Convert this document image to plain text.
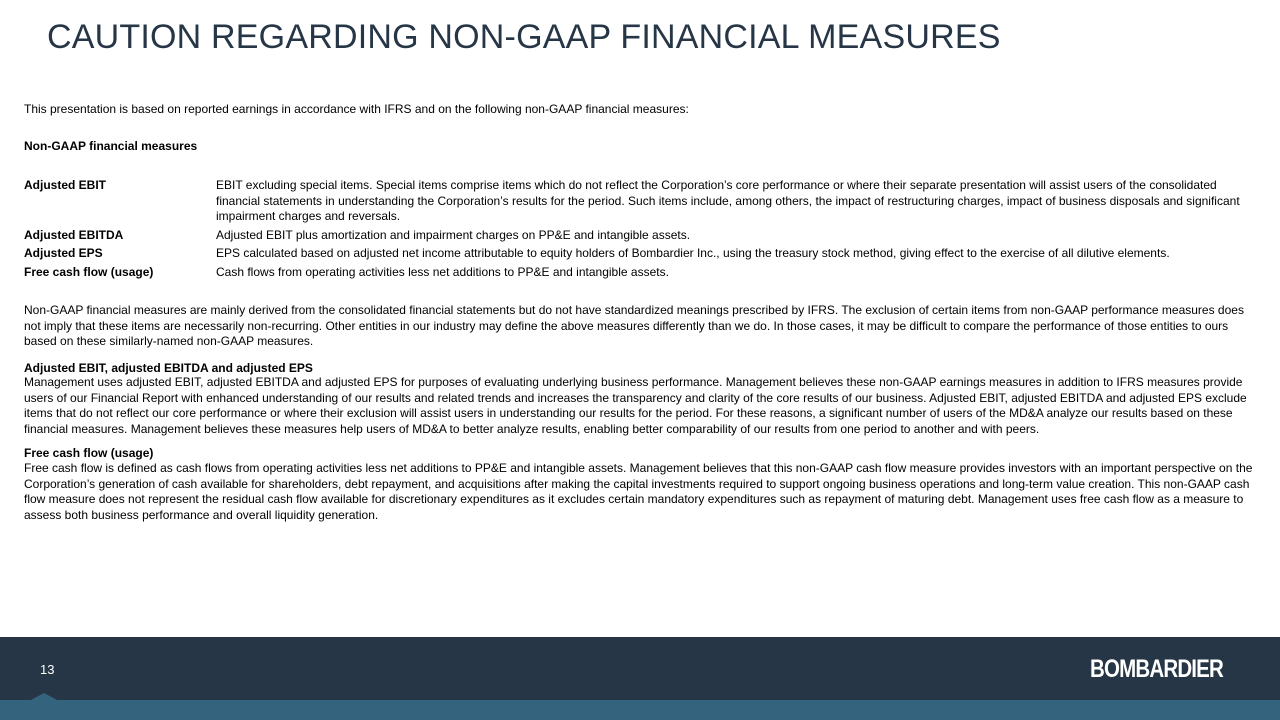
CAUTION REGARDING NON-GAAP FINANCIAL MEASURES
This presentation is based on reported earnings in accordance with IFRS and on the following non-GAAP financial measures:
Non-GAAP financial measures
Adjusted EBIT	EBIT excluding special items. Special items comprise items which do not reflect the Corporation’s core performance or where their separate presentation will assist users of the consolidated
financial statements in understanding the Corporation’s results for the period. Such items include, among others, the impact of restructuring charges, impact of business disposals and significant
impairment charges and reversals.
Adjusted EBITDA	Adjusted EBIT plus amortization and impairment charges on PP&E and intangible assets.
Adjusted EPS	EPS calculated based on adjusted net income attributable to equity holders of Bombardier Inc., using the treasury stock method, giving effect to the exercise of all dilutive elements.
Free cash flow (usage)	Cash flows from operating activities less net additions to PP&E and intangible assets.
Non-GAAP financial measures are mainly derived from the consolidated financial statements but do not have standardized meanings prescribed by IFRS. The exclusion of certain items from non-GAAP performance measures does
not imply that these items are necessarily non-recurring. Other entities in our industry may define the above measures differently than we do. In those cases, it may be difficult to compare the performance of those entities to ours
based on these similarly-named non-GAAP measures.
Adjusted EBIT, adjusted EBITDA and adjusted EPS
Management uses adjusted EBIT, adjusted EBITDA and adjusted EPS for purposes of evaluating underlying business performance. Management believes these non-GAAP earnings measures in addition to IFRS measures provide
users of our Financial Report with enhanced understanding of our results and related trends and increases the transparency and clarity of the core results of our business. Adjusted EBIT, adjusted EBITDA and adjusted EPS exclude
items that do not reflect our core performance or where their exclusion will assist users in understanding our results for the period. For these reasons, a significant number of users of the MD&A analyze our results based on these
financial measures. Management believes these measures help users of MD&A to better analyze results, enabling better comparability of our results from one period to another and with peers.
Free cash flow (usage)
Free cash flow is defined as cash flows from operating activities less net additions to PP&E and intangible assets. Management believes that this non-GAAP cash flow measure provides investors with an important perspective on the
Corporation’s generation of cash available for shareholders, debt repayment, and acquisitions after making the capital investments required to support ongoing business operations and long-term value creation. This non-GAAP cash
flow measure does not represent the residual cash flow available for discretionary expenditures as it excludes certain mandatory expenditures such as repayment of maturing debt. Management uses free cash flow as a measure to
assess both business performance and overall liquidity generation.
13	BOMBARDIER
